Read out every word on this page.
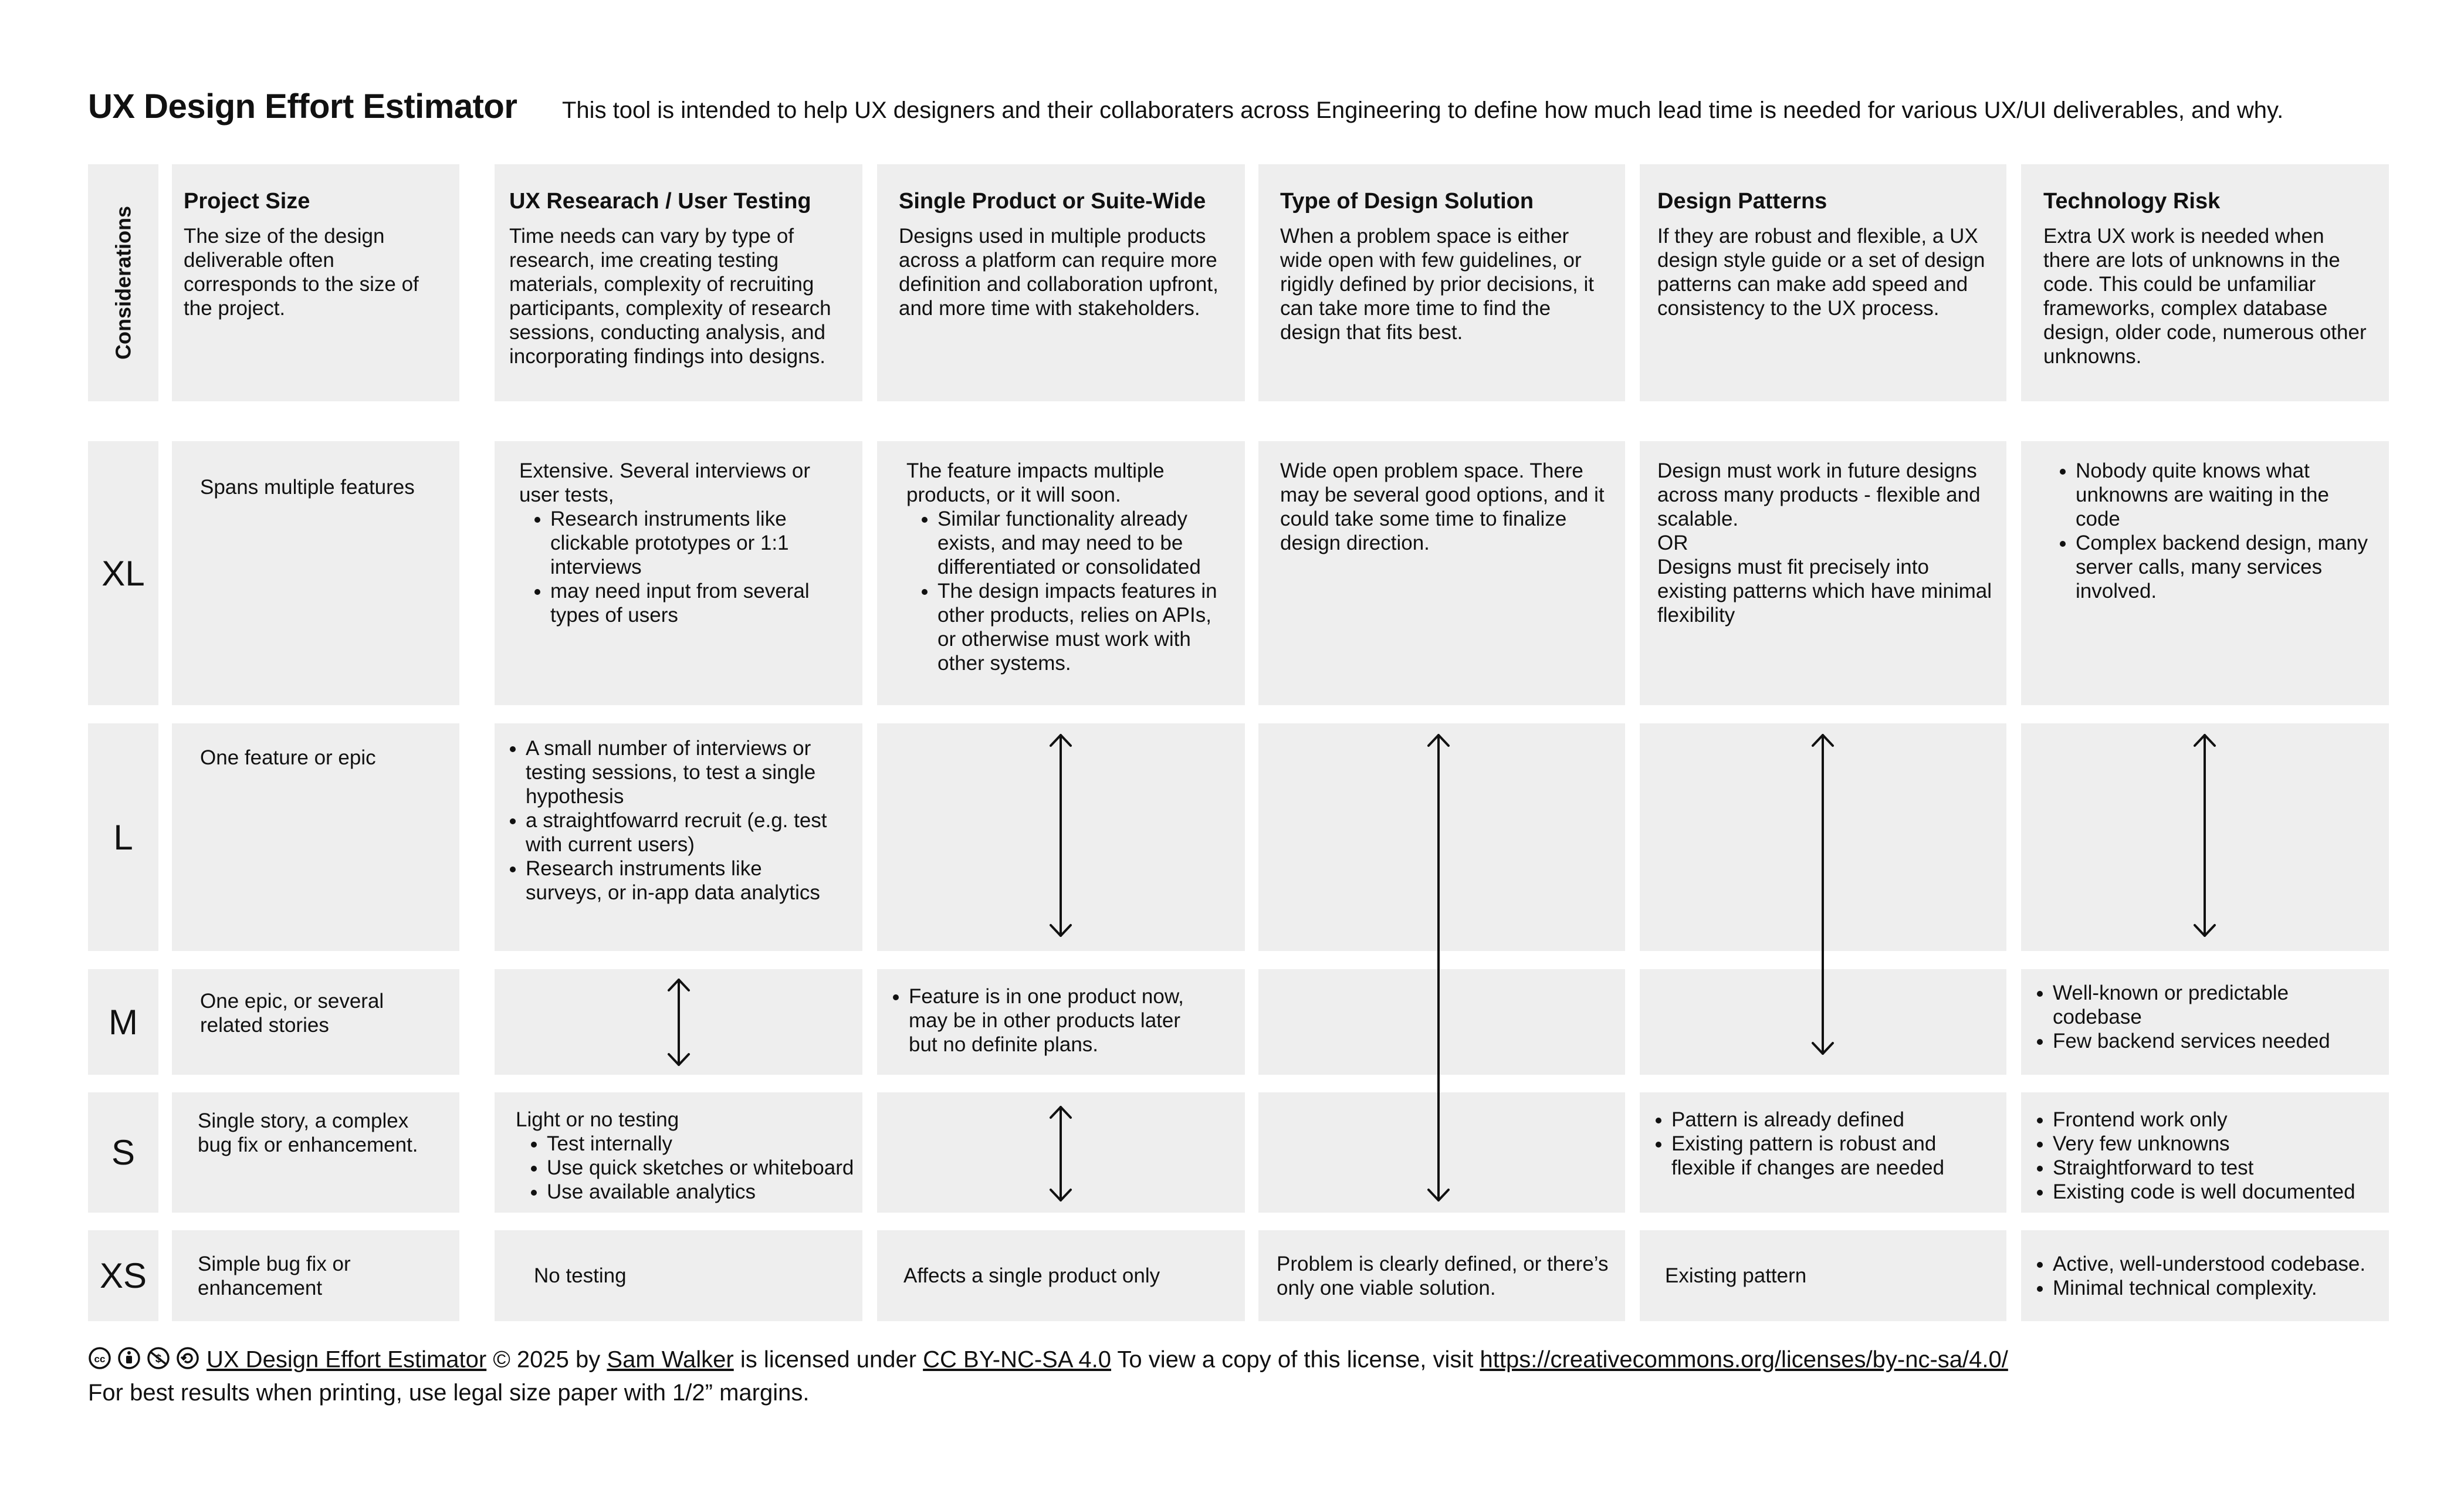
UX Design Effort Estimator This tool is intended to help UX designers and their collaboraters across Engineering to define how much lead time is needed for various UX/UI deliverables, and why.
Considerations

Project Size

The size of the design deliverable often corresponds to the size of the project.

UX Researach / User Testing

Time needs can vary by type of research, ime creating testing materials, complexity of recruiting participants, complexity of research sessions, conducting analysis, and incorporating findings into designs.

Single Product or Suite-Wide

Designs used in multiple products across a platform can require more definition and collaboration upfront, and more time with stakeholders.

Type of Design Solution

When a problem space is either wide open with few guidelines, or rigidly defined by prior decisions, it can take more time to find the design that fits best.

Design Patterns

If they are robust and flexible, a UX design style guide or a set of design patterns can make add speed and consistency to the UX process.

Technology Risk

Extra UX work is needed when there are lots of unknowns in the code. This could be unfamiliar frameworks, complex database design, older code, numerous other unknowns.

XL

Spans multiple features

Extensive. Several interviews or user tests,

• Research instruments like clickable prototypes or 1:1 interviews
• may need input from several types of users

The feature impacts multiple products, or it will soon.

• Similar functionality already exists, and may need to be differentiated or consolidated
• The design impacts features in other products, relies on APIs, or otherwise must work with other systems.

Wide open problem space. There may be several good options, and it could take some time to finalize design direction.

Design must work in future designs across many products - flexible and scalable.

OR

Designs must fit precisely into existing patterns which have minimal flexibility

• Nobody quite knows what unknowns are waiting in the code
• Complex backend design, many server calls, many services involved.
L

One feature or epic

•	A small number of interviews or testing sessions, to test a single hypothesis
• a straightfowarrd recruit (e.g. test with current users)
• Research instruments like surveys, or in-app data analytics
M

One epic, or several related stories

• Feature is in one product now, may be in other products later but no definite plans.
• Well-known or predictable codebase
• Few backend services needed
S

Single story, a complex bug fix or enhancement.

Light or no testing

• Test internally
• Use quick sketches or whiteboard
• Use available analytics
• Pattern is already defined
• Existing pattern is robust and flexible if changes are needed
• Frontend work only
• Very few unknowns
• Straightforward to test
• Existing code is well documented
XS	Simple bug fix or enhancement

No testing	Affects a single product only

Problem is clearly defined, or there’s only one viable solution.

Existing pattern

• Active, well-understood codebase.
• Minimal technical complexity.
cc	$ UX Design Effort Estimator © 2025 by Sam Walker is licensed under CC BY-NC-SA 4.0 To view a copy of this license, visit https://creativecommons.org/licenses/by-nc-sa/4.0/
For best results when printing, use legal size paper with 1/2” margins.
